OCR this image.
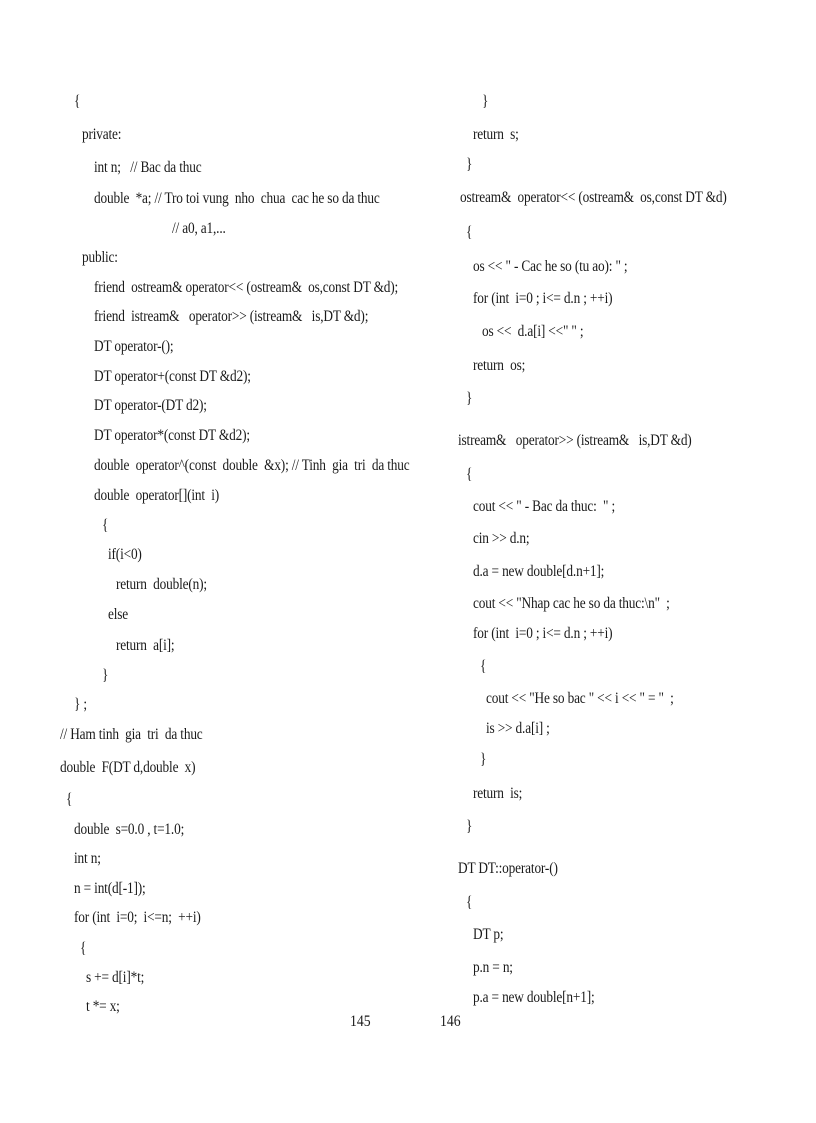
{
private:
int n;   // Bac da thuc
double  *a; // Tro toi vung  nho  chua  cac he so da thuc
// a0, a1,...
public:
friend  ostream& operator<< (ostream&  os,const DT &d);
friend  istream&   operator>> (istream&   is,DT &d);
DT operator-();
DT operator+(const DT &d2);
DT operator-(DT d2);
DT operator*(const DT &d2);
double  operator^(const  double  &x); // Tinh  gia  tri  da thuc
double  operator[](int  i)
{
if(i<0)
return  double(n);
else
return  a[i];
}
} ;
// Ham tinh  gia  tri  da thuc
double  F(DT d,double  x)
{
double  s=0.0 , t=1.0;
int n;
n = int(d[-1]);
for (int  i=0;  i<=n;  ++i)
{
s += d[i]*t;
t *= x;
145
}
return  s;
}
ostream&  operator<< (ostream&  os,const DT &d)
{
os << " - Cac he so (tu ao): " ;
for (int  i=0 ; i<= d.n ; ++i)
os <<  d.a[i] <<" " ;
return  os;
}
istream&   operator>> (istream&   is,DT &d)
{
cout << " - Bac da thuc:  " ;
cin >> d.n;
d.a = new double[d.n+1];
cout << "Nhap cac he so da thuc:\n"  ;
for (int  i=0 ; i<= d.n ; ++i)
{
cout << "He so bac " << i << " = "  ;
is >> d.a[i] ;
}
return  is;
}
DT DT::operator-()
{
DT p;
p.n = n;
p.a = new double[n+1];
146
